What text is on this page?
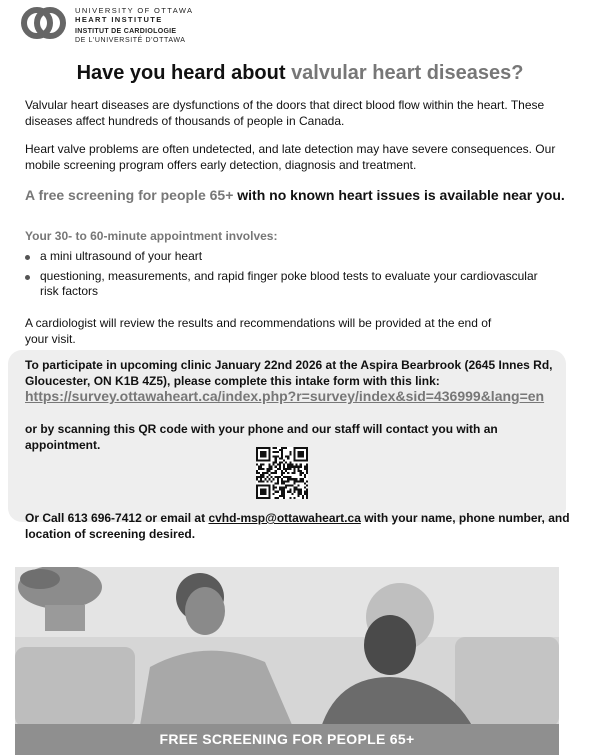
UNIVERSITY OF OTTAWA
HEART INSTITUTE
INSTITUT DE CARDIOLOGIE
DE L'UNIVERSITÉ D'OTTAWA
Have you heard about valvular heart diseases?

Valvular heart diseases are dysfunctions of the doors that direct blood flow within the heart. These diseases affect hundreds of thousands of people in Canada.

Heart valve problems are often undetected, and late detection may have severe consequences. Our mobile screening program offers early detection, diagnosis and treatment.

A free screening for people 65+ with no known heart issues is available near you.

Your 30- to 60-minute appointment involves:

a mini ultrasound of your heart
questioning, measurements, and rapid finger poke blood tests to evaluate your cardiovascular risk factors

A cardiologist will review the results and recommendations will be provided at the end of your visit.

To participate in upcoming clinic January 22nd 2026 at the Aspira Bearbrook (2645 Innes Rd, Gloucester, ON K1B 4Z5), please complete this intake form with this link:

https://survey.ottawaheart.ca/index.php?r=survey/index&sid=436999&lang=en

or by scanning this QR code with your phone and our staff will contact you with an appointment.

Or Call 613 696-7412 or email at cvhd-msp@ottawaheart.ca with your name, phone number, and location of screening desired.

FREE SCREENING FOR PEOPLE 65+
